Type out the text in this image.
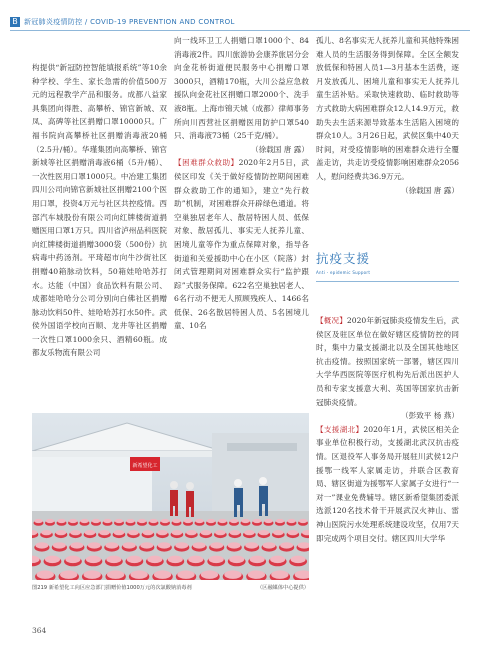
B 新冠肺炎疫情防控 / COVID-19 PREVENTION AND CONTROL

构提供“新冠防控智能填报系统”等10余种学校、学生、家长急需的价值500万元的远程教学产品和服务。成都八益家具集团向得胜、高攀桥、锦官新城、双凤、高碑等社区捐赠口罩10000只。广福书院向高攀桥社区捐赠消毒液20桶（2.5升/桶）。华瑾集团向高攀桥、锦官新城等社区捐赠消毒液6桶（5升/桶）、一次性医用口罩1000只。中冶建工集团四川公司向锦官新城社区捐赠2100个医用口罩，投资4万元与社区共控疫情。西部汽车城股份有限公司向红牌楼街道捐赠医用口罩1万只。四川省泸州品科医院向红牌楼街道捐赠3000袋（500份）抗病毒中药汤剂。平琦超市向牛沙街社区捐赠40箱脉动饮料，50箱娃哈哈苏打水。达能（中国）食品饮料有限公司、成都娃哈哈分公司分别向白佛社区捐赠脉动饮料50件、娃哈哈苏打水50件。武侯外国语学校向百顺、龙井等社区捐赠一次性口罩1000余只、酒精60瓶。成都友乐物流有限公司

向一线环卫工人捐赠口罩1000个、84消毒液2件。四川旅游协会康养旅居分会向金花桥街道便民服务中心捐赠口罩3000只，酒精170瓶，大川公益应急救援队向金花社区捐赠口罩2000个、洗手液8瓶。上海市锦天城（成都）律师事务所向川西营社区捐赠医用防护口罩540只、消毒液73桶（25千克/桶）。

（徐载国 唐 露）

【困难群众救助】2020年2月5日，武侯区印发《关于做好疫情防控期间困难群众救助工作的通知》，建立“先行救助”机制，对困难群众开辟绿色通道。将空巢独居老年人、散居特困人员、低保对象、散居孤儿、事实无人抚养儿童、困境儿童等作为重点保障对象，指导各街道和关爱援助中心在小区（院落）封闭式管理期间对困难群众实行“监护跟踪”式服务保障。622名空巢独居老人、6名行动不便无人照顾残疾人、1466名低保、26名散居特困人员、5名困境儿童、10名

孤儿、8名事实无人抚养儿童和其他特殊困难人员的生活服务得到保障。全区全额发放低保和特困人员1—3月基本生活费，逐月发放孤儿、困境儿童和事实无人抚养儿童生活补贴。采取快速救助、临时救助等方式救助大病困难群众12人14.9万元，救助失去生活来源导致基本生活陷入困境的群众10人。3月26日起，武侯区集中40天时间，对受疫情影响的困难群众进行全覆盖走访，共走访受疫情影响困难群众2056人，慰问经费共36.9万元。

（徐载国 唐 露）

抗疫支援
Anti - epidemic Support

【概况】2020年新冠肺炎疫情发生后，武侯区及驻区单位在做好辖区疫情防控的同时，集中力量支援湖北以及全国其他地区抗击疫情。按照国家统一部署，辖区四川大学华西医院等医疗机构先后派出医护人员和专家支援意大利、英国等国家抗击新冠肺炎疫情。

（彭致平 杨 燕）

【支援湖北】2020年1月，武侯区相关企事业单位积极行动，支援湖北武汉抗击疫情。区退役军人事务局开展驻川武侯12户援鄂一线军人家属走访，并联合区教育局、辖区街道为援鄂军人家属子女进行“一对一”课业免费辅导。辖区新希望集团委派选派120名技术骨干开展武汉火神山、雷神山医院污水处理系统建设攻坚，仅用7天即完成两个项目交付。辖区四川大学华

新希望化工
图219 新希望化工向区应急部门捐赠价值1000万元的次氯酸钠消毒剂	（区融媒体中心提供）
364
